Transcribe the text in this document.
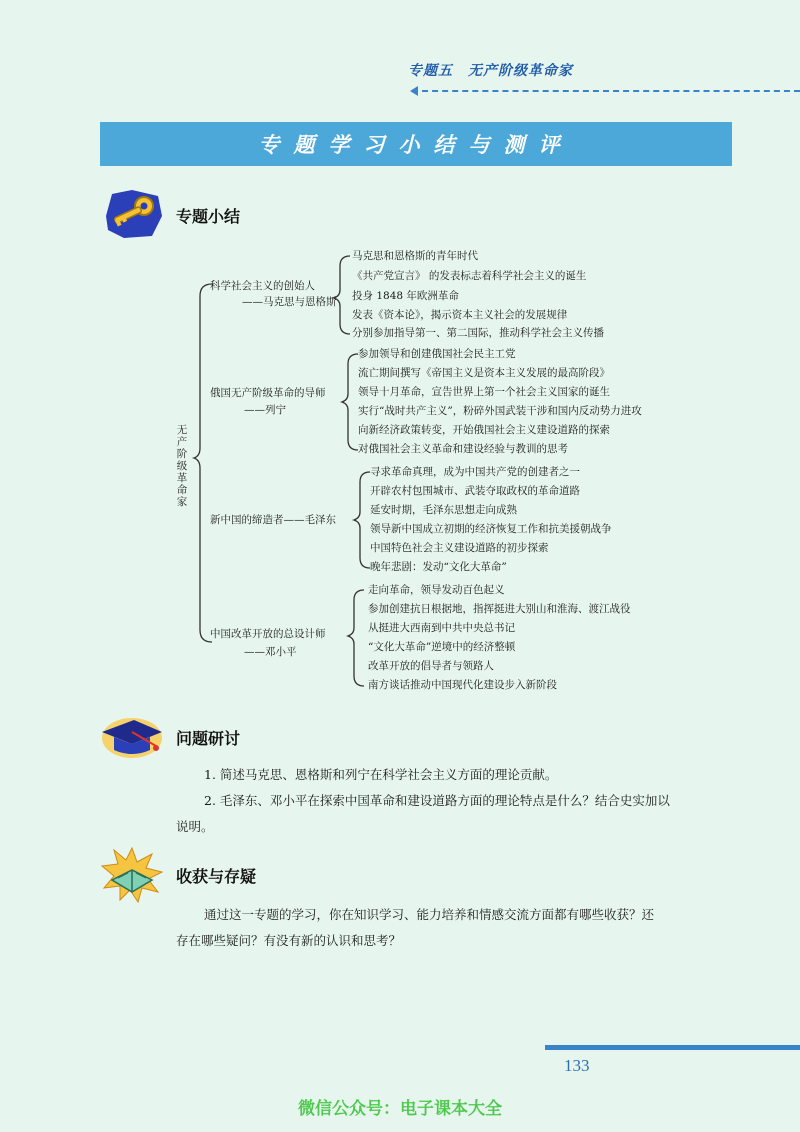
专题五　无产阶级革命家
专题学习小结与测评
专题小结
无产阶级革命家
科学社会主义的创始人
——马克思与恩格斯
马克思和恩格斯的青年时代
《共产党宣言》 的发表标志着科学社会主义的诞生
投身 1848 年欧洲革命
发表《资本论》，揭示资本主义社会的发展规律
分别参加指导第一、第二国际，推动科学社会主义传播
俄国无产阶级革命的导师
——列宁
参加领导和创建俄国社会民主工党
流亡期间撰写《帝国主义是资本主义发展的最高阶段》
领导十月革命，宣告世界上第一个社会主义国家的诞生
实行“战时共产主义”，粉碎外国武装干涉和国内反动势力进攻
向新经济政策转变，开始俄国社会主义建设道路的探索
对俄国社会主义革命和建设经验与教训的思考
新中国的缔造者——毛泽东
寻求革命真理，成为中国共产党的创建者之一
开辟农村包围城市、武装夺取政权的革命道路
延安时期，毛泽东思想走向成熟
领导新中国成立初期的经济恢复工作和抗美援朝战争
中国特色社会主义建设道路的初步探索
晚年悲剧：发动“文化大革命”
中国改革开放的总设计师
——邓小平
走向革命，领导发动百色起义
参加创建抗日根据地，指挥挺进大别山和淮海、渡江战役
从挺进大西南到中共中央总书记
“文化大革命”逆境中的经济整顿
改革开放的倡导者与领路人
南方谈话推动中国现代化建设步入新阶段
问题研讨
1. 简述马克思、恩格斯和列宁在科学社会主义方面的理论贡献。
2. 毛泽东、邓小平在探索中国革命和建设道路方面的理论特点是什么？结合史实加以
说明。
收获与存疑
通过这一专题的学习，你在知识学习、能力培养和情感交流方面都有哪些收获？还
存在哪些疑问？有没有新的认识和思考？
133
微信公众号：电子课本大全
